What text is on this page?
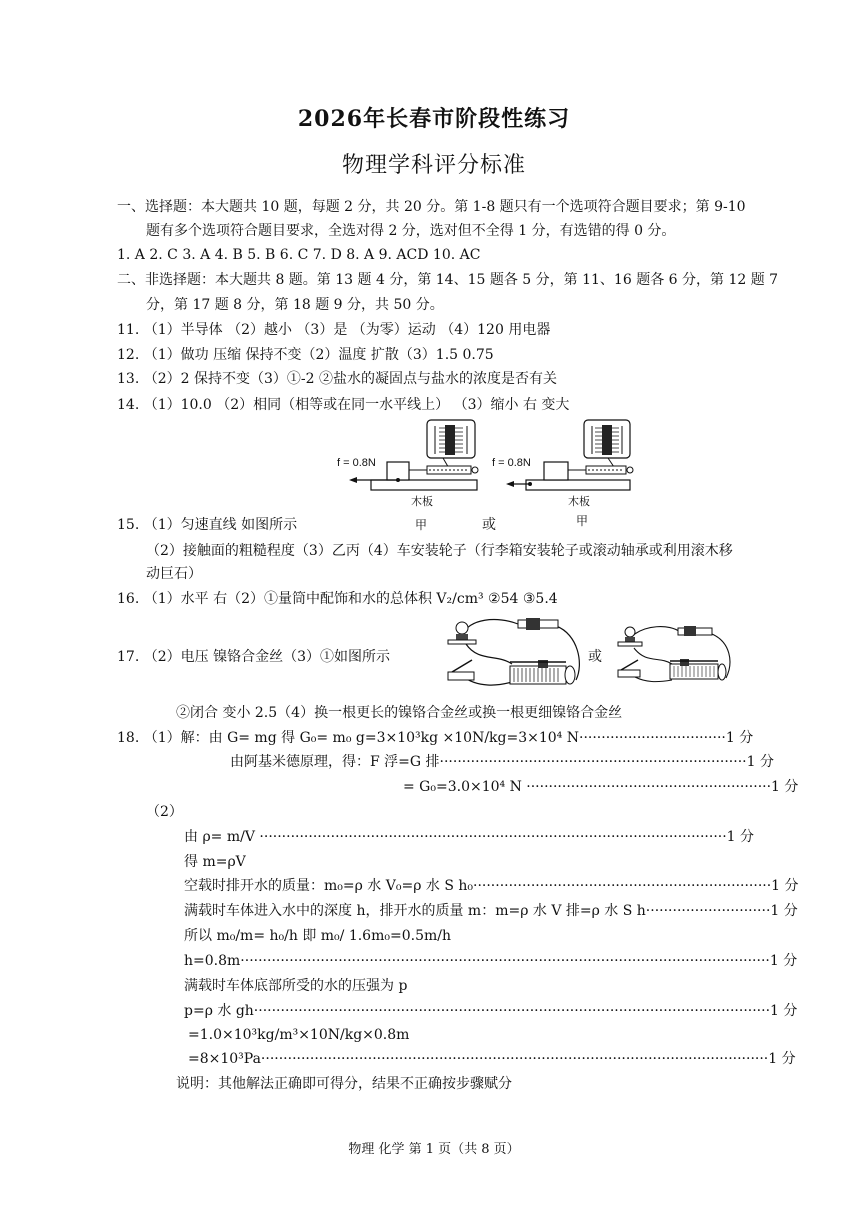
2026年长春市阶段性练习
物理学科评分标准
一、选择题：本大题共 10 题，每题 2 分，共 20 分。第 1-8 题只有一个选项符合题目要求；第 9-10
题有多个选项符合题目要求，全选对得 2 分，选对但不全得 1 分，有选错的得 0 分。
1. A 2. C 3. A 4. B 5. B 6. C 7. D 8. A 9. ACD 10. AC
二、非选择题：本大题共 8 题。第 13 题 4 分，第 14、15 题各 5 分，第 11、16 题各 6 分，第 12 题 7
分，第 17 题 8 分，第 18 题 9 分，共 50 分。
11. （1）半导体 （2）越小 （3）是 （为零）运动 （4）120 用电器
12. （1）做功 压缩 保持不变（2）温度 扩散（3）1.5 0.75
13. （2）2 保持不变（3）①-2 ②盐水的凝固点与盐水的浓度是否有关
14. （1）10.0 （2）相同（相等或在同一水平线上） （3）缩小 右 变大
f = 0.8N
木板
甲
f = 0.8N
木板
甲
15. （1）匀速直线 如图所示	或
（2）接触面的粗糙程度（3）乙丙（4）车安装轮子（行李箱安装轮子或滚动轴承或利用滚木移
动巨石）
16. （1）水平 右（2）①量筒中配饰和水的总体积 V₂/cm³ ②54 ③5.4
17. （2）电压 镍铬合金丝（3）①如图所示	或
②闭合 变小 2.5（4）换一根更长的镍铬合金丝或换一根更细镍铬合金丝
18. （1）解：由 G= mg 得 G₀= m₀ g=3×10³kg ×10N/kg=3×10⁴ N·································1 分
由阿基米德原理，得：F 浮=G 排·····································································1 分
= G₀=3.0×10⁴ N ·······················································1 分
（2）
由 ρ= m/V ·········································································································1 分
得 m=ρV
空载时排开水的质量：m₀=ρ 水 V₀=ρ 水 S h₀···································································1 分
满载时车体进入水中的深度 h，排开水的质量 m：m=ρ 水 V 排=ρ 水 S h····························1 分
所以 m₀/m= h₀/h 即 m₀/ 1.6m₀=0.5m/h
h=0.8m·······················································································································1 分
满载时车体底部所受的水的压强为 p
p=ρ 水 gh····················································································································1 分
=1.0×10³kg/m³×10N/kg×0.8m
=8×10³Pa··················································································································1 分
说明：其他解法正确即可得分，结果不正确按步骤赋分
物理 化学 第 1 页（共 8 页）
